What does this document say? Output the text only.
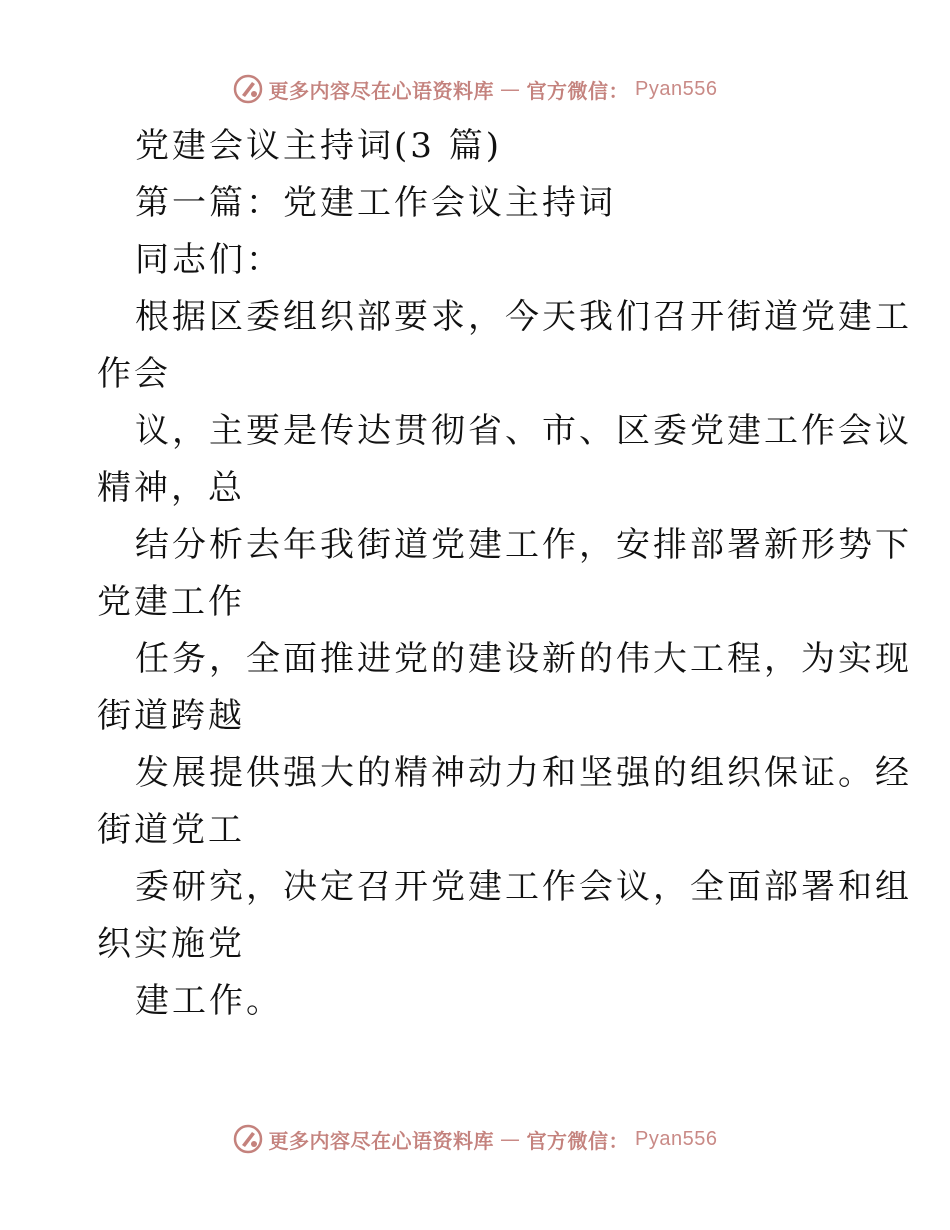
更多内容尽在心语资料库 — 官方微信： Pyan556
党建会议主持词(3 篇)
第一篇：党建工作会议主持词
同志们：
根据区委组织部要求，今天我们召开街道党建工
作会
议，主要是传达贯彻省、市、区委党建工作会议
精神，总
结分析去年我街道党建工作，安排部署新形势下
党建工作
任务，全面推进党的建设新的伟大工程，为实现
街道跨越
发展提供强大的精神动力和坚强的组织保证。经
街道党工
委研究，决定召开党建工作会议，全面部署和组
织实施党
建工作。
更多内容尽在心语资料库 — 官方微信： Pyan556
